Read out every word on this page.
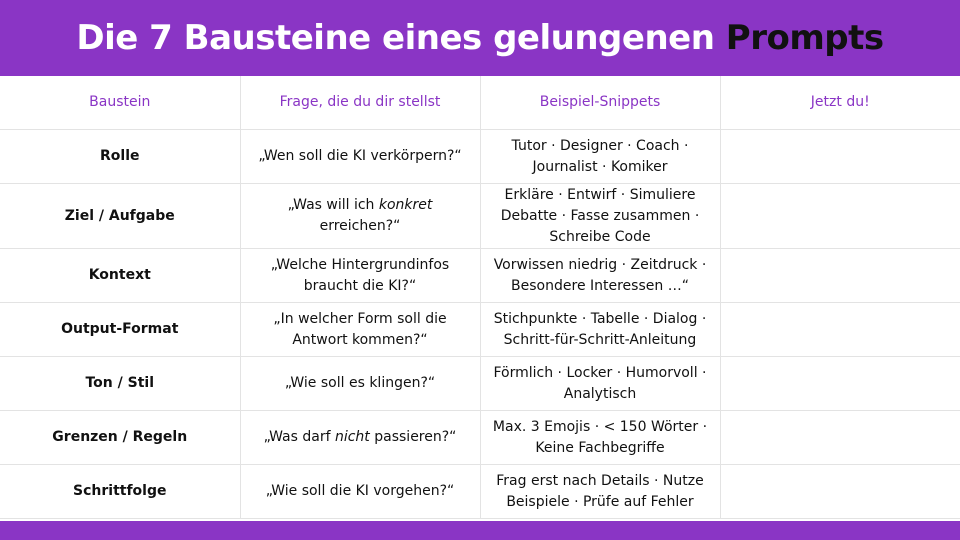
Die 7 Bausteine eines gelungenen Prompts
Baustein	Frage, die du dir stellst	Beispiel-Snippets	Jetzt du!
Rolle	„Wen soll die KI verkörpern?“	Tutor · Designer · Coach · Journalist · Komiker	
Ziel / Aufgabe	„Was will ich konkret erreichen?“	Erkläre · Entwirf · Simuliere Debatte · Fasse zusammen · Schreibe Code	
Kontext	„Welche Hintergrundinfos braucht die KI?“	Vorwissen niedrig · Zeitdruck · Besondere Interessen …“	
Output-Format	„In welcher Form soll die Antwort kommen?“	Stichpunkte · Tabelle · Dialog · Schritt-für-Schritt-Anleitung	
Ton / Stil	„Wie soll es klingen?“	Förmlich · Locker · Humorvoll · Analytisch	
Grenzen / Regeln	„Was darf nicht passieren?“	Max. 3 Emojis · < 150 Wörter · Keine Fachbegriffe	
Schrittfolge	„Wie soll die KI vorgehen?“	Frag erst nach Details · Nutze Beispiele · Prüfe auf Fehler	
